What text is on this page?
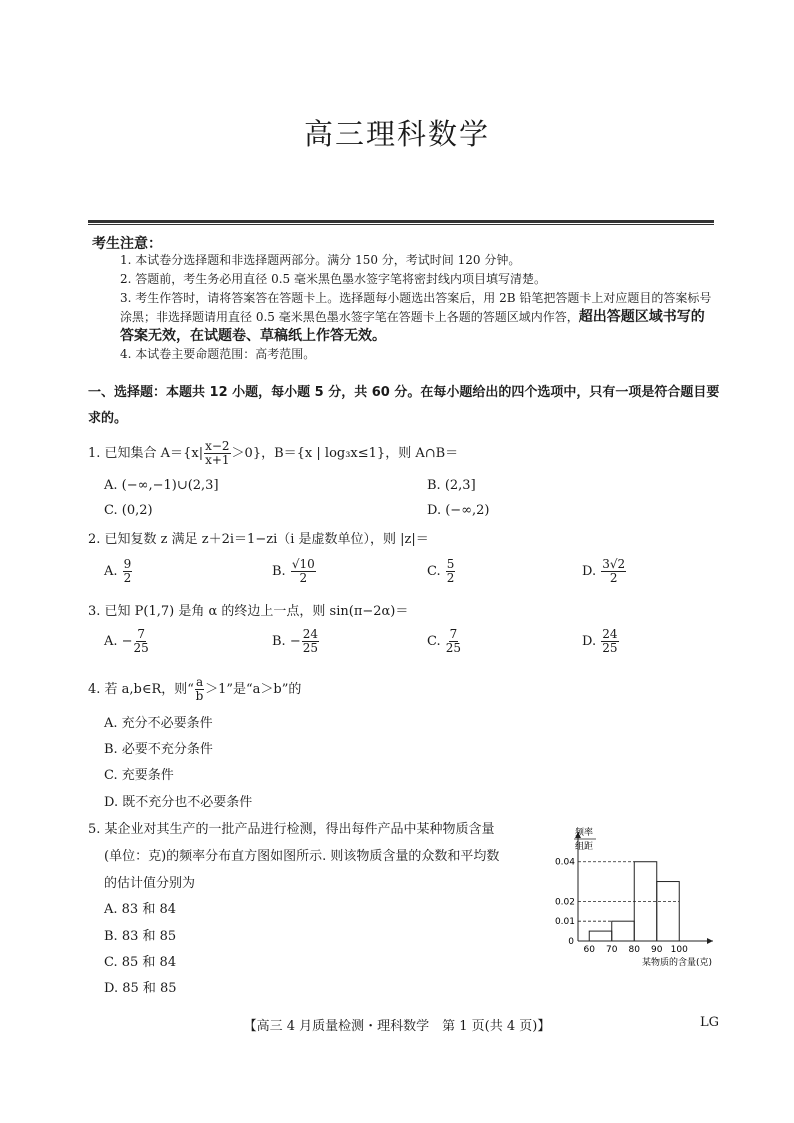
高三理科数学
考生注意：
1. 本试卷分选择题和非选择题两部分。满分 150 分，考试时间 120 分钟。
2. 答题前，考生务必用直径 0.5 毫米黑色墨水签字笔将密封线内项目填写清楚。
3. 考生作答时，请将答案答在答题卡上。选择题每小题选出答案后，用 2B 铅笔把答题卡上对应题目的答案标号涂黑；非选择题请用直径 0.5 毫米黑色墨水签字笔在答题卡上各题的答题区域内作答，超出答题区域书写的答案无效，在试题卷、草稿纸上作答无效。
4. 本试卷主要命题范围：高考范围。
一、选择题：本题共 12 小题，每小题 5 分，共 60 分。在每小题给出的四个选项中，只有一项是符合题目要求的。
1. 已知集合 $A=\{x| \frac{x-2}{x+1} >0\}$，B＝{x | log₃x≤1}，则 A∩B＝
A. (−∞,−1)∪(2,3]	B. (2,3]
C. (0,2)	D. (−∞,2)
2. 已知复数 z 满足 z＋2i＝1−zi（i 是虚数单位），则 |z|＝
A. $\frac{9}{2}$	B. $\frac{√10}{2}$	C. $\frac{5}{2}$	D. $\frac{3√2}{2}$
3. 已知 P(1,7) 是角 α 的终边上一点，则 sin(π−2α)＝
A. − $\frac{7}{25}$	B. − $\frac{24}{25}$	C. $\frac{7}{25}$	D. $\frac{24}{25}$
4. 若 a,b∈R，则“ $\frac{a}{b} >1$”是“a＞b”的
A. 充分不必要条件
B. 必要不充分条件
C. 充要条件
D. 既不充分也不必要条件
5. 某企业对其生产的一批产品进行检测，得出每件产品中某种物质含量
(单位：克)的频率分布直方图如图所示. 则该物质含量的众数和平均数
的估计值分别为
A. 83 和 84
B. 83 和 85
C. 85 和 84
D. 85 和 85
频率
组距
0.01
0.02
0.04
0
60 70 80 90 100
某物质的含量(克)
【高三 4 月质量检测・理科数学　第 1 页(共 4 页)】	LG
